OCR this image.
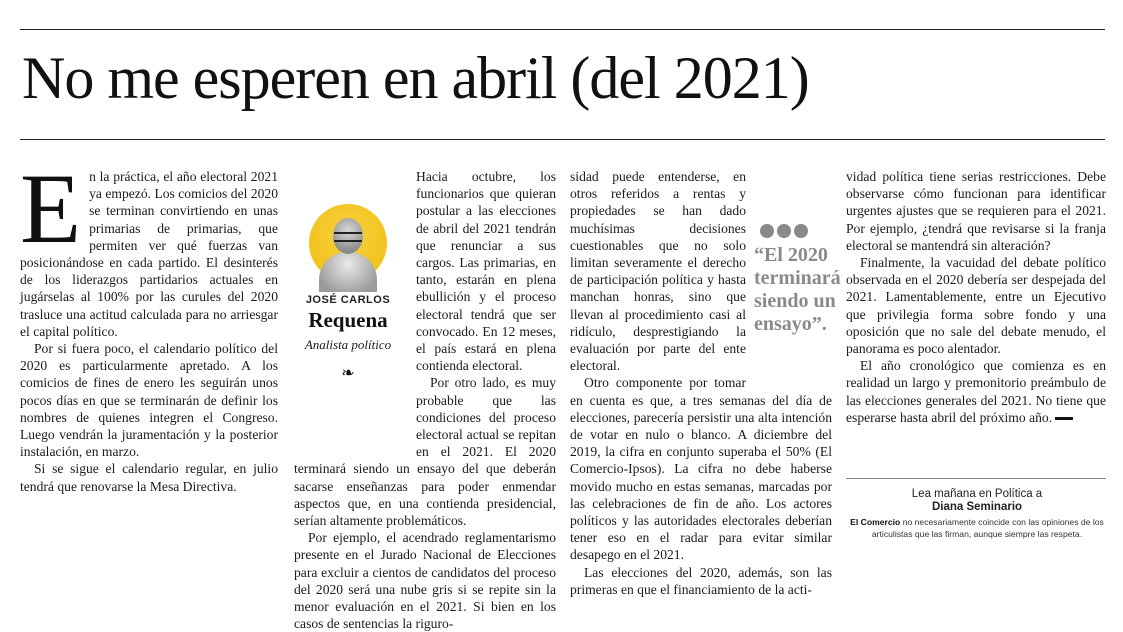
No me esperen en abril (del 2021)

En la práctica, el año electoral 2021 ya empezó. Los comicios del 2020 se terminan convirtiendo en unas primarias de primarias, que permiten ver qué fuerzas van posicionándose en cada partido. El desinterés de los liderazgos partidarios actuales en jugárselas al 100% por las curules del 2020 trasluce una actitud calculada para no arriesgar el capital político.

Por si fuera poco, el calendario político del 2020 es particularmente apretado. A los comicios de fines de enero les seguirán unos pocos días en que se terminarán de definir los nombres de quienes integren el Congreso. Luego vendrán la juramentación y la posterior instalación, en marzo.

Si se sigue el calendario regular, en julio tendrá que renovarse la Mesa Directiva.

JOSÉ CARLOS
Requena
Analista político
❧

Hacia octubre, los funcionarios que quieran postular a las elecciones de abril del 2021 tendrán que renunciar a sus cargos. Las primarias, en tanto, estarán en plena ebullición y el proceso electoral tendrá que ser convocado. En 12 meses, el país estará en plena contienda electoral.

Por otro lado, es muy probable que las condiciones del proceso electoral actual se repitan en el 2021. El 2020 terminará siendo un ensayo del que deberán sacarse enseñanzas para poder enmendar aspectos que, en una contienda presidencial, serían altamente problemáticos.

Por ejemplo, el acendrado reglamentarismo presente en el Jurado Nacional de Elecciones para excluir a cientos de candidatos del proceso del 2020 será una nube gris si se repite sin la menor evaluación en el 2021. Si bien en los casos de sentencias la riguro-

“El 2020 terminará siendo un ensayo”.

sidad puede entenderse, en otros referidos a rentas y propiedades se han dado muchísimas decisiones cuestionables que no solo limitan severamente el derecho de participación política y hasta manchan honras, sino que llevan al procedimiento casi al ridículo, desprestigiando la evaluación por parte del ente electoral.

Otro componente por tomar en cuenta es que, a tres semanas del día de elecciones, parecería persistir una alta intención de votar en nulo o blanco. A diciembre del 2019, la cifra en conjunto superaba el 50% (El Comercio-Ipsos). La cifra no debe haberse movido mucho en estas semanas, marcadas por las celebraciones de fin de año. Los actores políticos y las autoridades electorales deberían tener eso en el radar para evitar similar desapego en el 2021.

Las elecciones del 2020, además, son las primeras en que el financiamiento de la acti-

vidad política tiene serias restricciones. Debe observarse cómo funcionan para identificar urgentes ajustes que se requieren para el 2021. Por ejemplo, ¿tendrá que revisarse si la franja electoral se mantendrá sin alteración?

Finalmente, la vacuidad del debate político observada en el 2020 debería ser despejada del 2021. Lamentablemente, entre un Ejecutivo que privilegia forma sobre fondo y una oposición que no sale del debate menudo, el panorama es poco alentador.

El año cronológico que comienza es en realidad un largo y premonitorio preámbulo de las elecciones generales del 2021. No tiene que esperarse hasta abril del próximo año.

Lea mañana en Política a
Diana Seminario
El Comercio no necesariamente coincide con las opiniones de los articulistas que las firman, aunque siempre las respeta.
